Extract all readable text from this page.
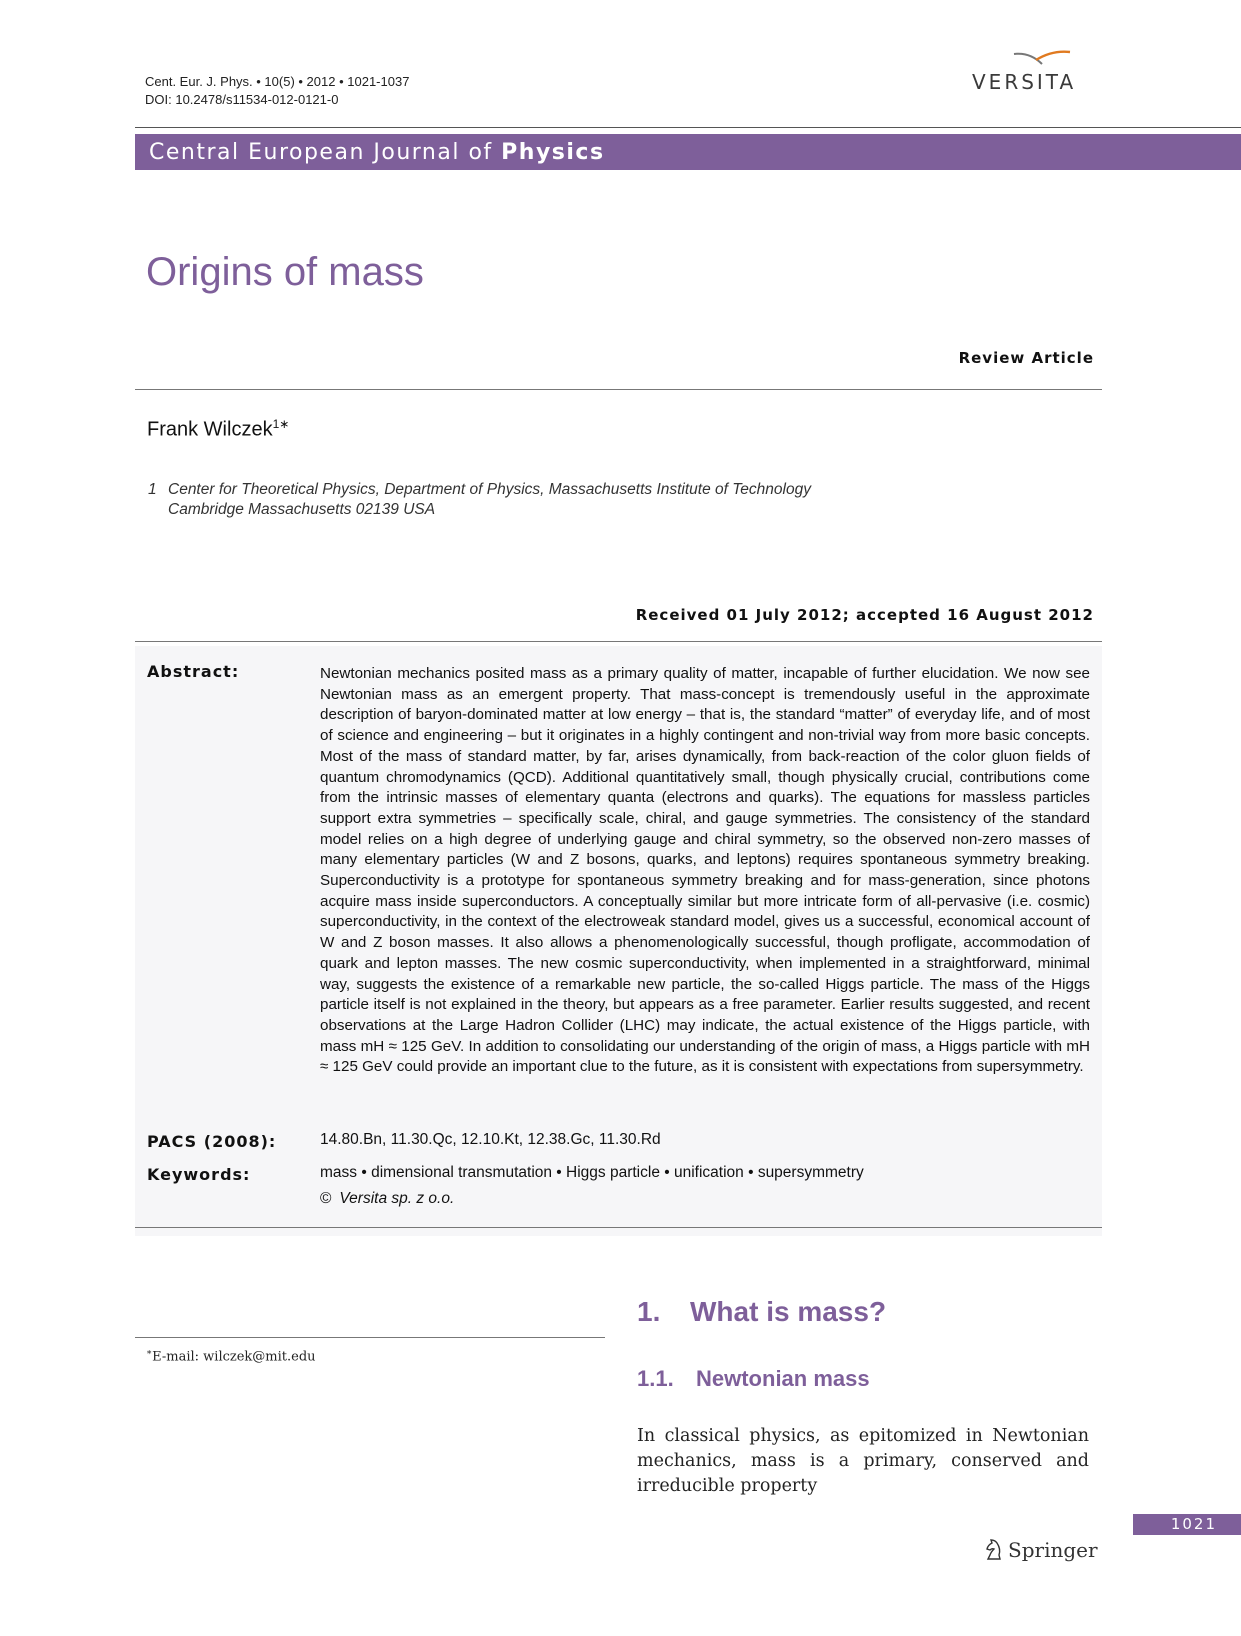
Cent. Eur. J. Phys. • 10(5) • 2012 • 1021-1037
DOI: 10.2478/s11534-012-0121-0
VERSITA
Central European Journal of Physics
Origins of mass
Review Article
Frank Wilczek$^{1∗}$
1 Center for Theoretical Physics, Department of Physics, Massachusetts Institute of Technology
Cambridge Massachusetts 02139 USA
Received 01 July 2012; accepted 16 August 2012
Abstract:	Newtonian mechanics posited mass as a primary quality of matter, incapable of further elucidation. We now see Newtonian mass as an emergent property. That mass-concept is tremendously useful in the approximate description of baryon-dominated matter at low energy – that is, the standard “matter” of everyday life, and of most of science and engineering – but it originates in a highly contingent and non-trivial way from more basic concepts. Most of the mass of standard matter, by far, arises dynamically, from back-reaction of the color gluon fields of quantum chromodynamics (QCD). Additional quantitatively small, though physically crucial, contributions come from the intrinsic masses of elementary quanta (electrons and quarks). The equations for massless particles support extra symmetries – specifically scale, chiral, and gauge symmetries. The consistency of the standard model relies on a high degree of underlying gauge and chiral symmetry, so the observed non-zero masses of many elementary particles (W and Z bosons, quarks, and leptons) requires spontaneous symmetry breaking. Superconductivity is a prototype for spontaneous symmetry breaking and for mass-generation, since photons acquire mass inside superconductors. A conceptually similar but more intricate form of all-pervasive (i.e. cosmic) superconductivity, in the context of the electroweak standard model, gives us a successful, economical account of W and Z boson masses. It also allows a phenomenologically successful, though profligate, accommodation of quark and lepton masses. The new cosmic superconductivity, when implemented in a straightforward, minimal way, suggests the existence of a remarkable new particle, the so-called Higgs particle. The mass of the Higgs particle itself is not explained in the theory, but appears as a free parameter. Earlier results suggested, and recent observations at the Large Hadron Collider (LHC) may indicate, the actual existence of the Higgs particle, with mass mH ≈ 125 GeV. In addition to consolidating our understanding of the origin of mass, a Higgs particle with mH ≈ 125 GeV could provide an important clue to the future, as it is consistent with expectations from supersymmetry.
PACS (2008):	14.80.Bn, 11.30.Qc, 12.10.Kt, 12.38.Gc, 11.30.Rd
Keywords:	mass • dimensional transmutation • Higgs particle • unification • supersymmetry
© Versita sp. z o.o.
1. What is mass?
∗E-mail: wilczek@mit.edu
1.1. Newtonian mass
In classical physics, as epitomized in Newtonian mechanics, mass is a primary, conserved and irreducible property
1021
Springer
